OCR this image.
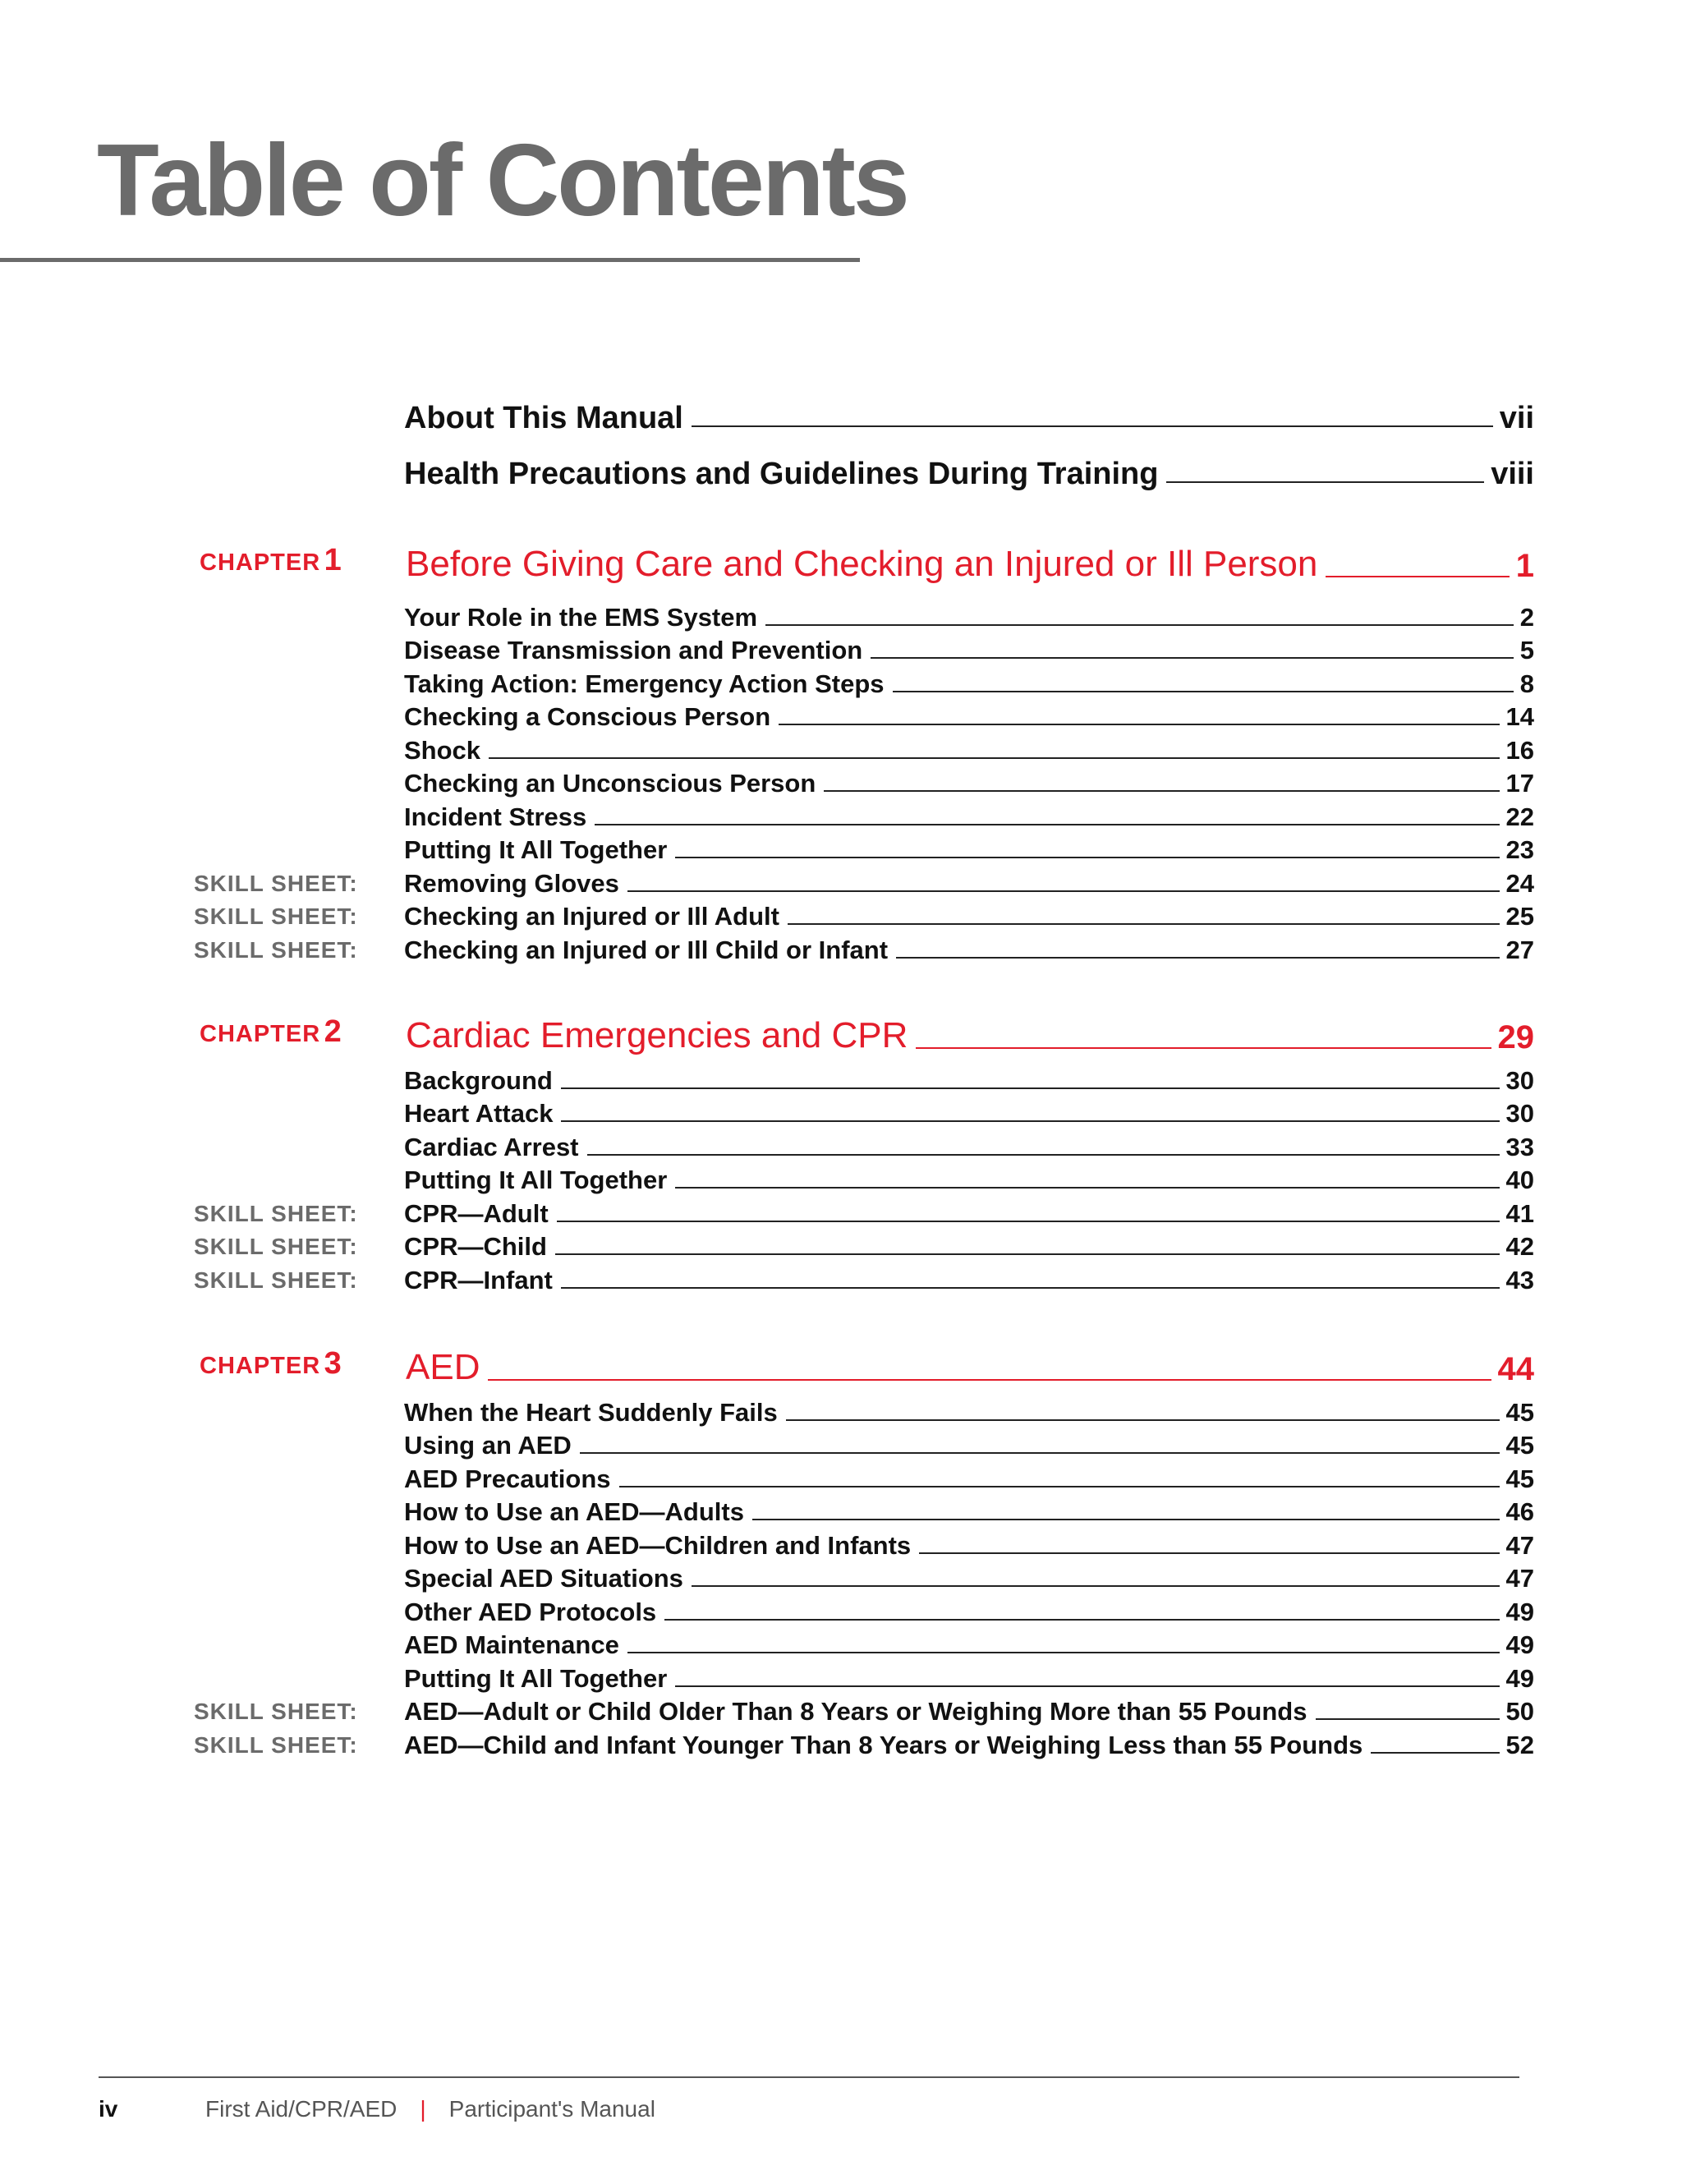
Table of Contents
About This Manual	vii
Health Precautions and Guidelines During Training	viii
CHAPTER 1 Before Giving Care and Checking an Injured or Ill Person	1
Your Role in the EMS System	2
Disease Transmission and Prevention	5
Taking Action: Emergency Action Steps	8
Checking a Conscious Person	14
Shock	16
Checking an Unconscious Person	17
Incident Stress	22
Putting It All Together	23
SKILL SHEET: Removing Gloves	24
SKILL SHEET: Checking an Injured or Ill Adult	25
SKILL SHEET: Checking an Injured or Ill Child or Infant	27
CHAPTER 2 Cardiac Emergencies and CPR	29
Background	30
Heart Attack	30
Cardiac Arrest	33
Putting It All Together	40
SKILL SHEET: CPR—Adult	41
SKILL SHEET: CPR—Child	42
SKILL SHEET: CPR—Infant	43
CHAPTER 3 AED	44
When the Heart Suddenly Fails	45
Using an AED	45
AED Precautions	45
How to Use an AED—Adults	46
How to Use an AED—Children and Infants	47
Special AED Situations	47
Other AED Protocols	49
AED Maintenance	49
Putting It All Together	49
SKILL SHEET: AED—Adult or Child Older Than 8 Years or Weighing More than 55 Pounds	50
SKILL SHEET: AED—Child and Infant Younger Than 8 Years or Weighing Less than 55 Pounds	52
iv	First Aid/CPR/AED | Participant's Manual
